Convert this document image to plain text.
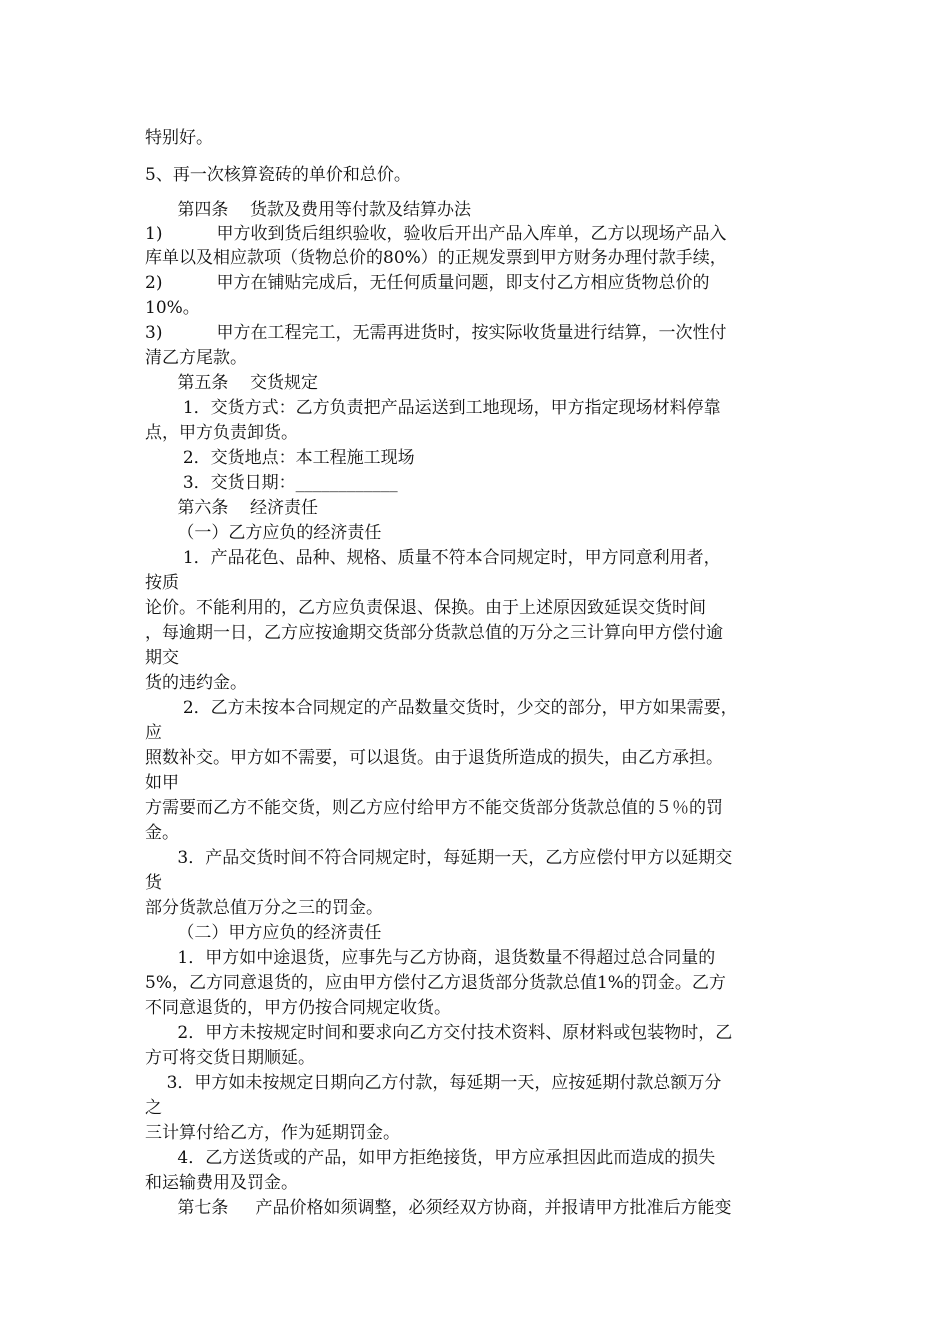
特别好。
5、再一次核算瓷砖的单价和总价。
第四条    货款及费用等付款及结算办法
1)          甲方收到货后组织验收，验收后开出产品入库单，乙方以现场产品入
库单以及相应款项（货物总价的80%）的正规发票到甲方财务办理付款手续，
2)          甲方在铺贴完成后，无任何质量问题，即支付乙方相应货物总价的
10%。
3)          甲方在工程完工，无需再进货时，按实际收货量进行结算，一次性付
清乙方尾款。
第五条    交货规定
1．交货方式：乙方负责把产品运送到工地现场，甲方指定现场材料停靠
点，甲方负责卸货。
2．交货地点：本工程施工现场
3．交货日期：____________
第六条    经济责任
（一）乙方应负的经济责任
1．产品花色、品种、规格、质量不符本合同规定时，甲方同意利用者，
按质
论价。不能利用的，乙方应负责保退、保换。由于上述原因致延误交货时间
，每逾期一日，乙方应按逾期交货部分货款总值的万分之三计算向甲方偿付逾
期交
货的违约金。
2．乙方未按本合同规定的产品数量交货时，少交的部分，甲方如果需要，
应
照数补交。甲方如不需要，可以退货。由于退货所造成的损失，由乙方承担。
如甲
方需要而乙方不能交货，则乙方应付给甲方不能交货部分货款总值的５％的罚
金。
3．产品交货时间不符合同规定时，每延期一天，乙方应偿付甲方以延期交
货
部分货款总值万分之三的罚金。
（二）甲方应负的经济责任
1．甲方如中途退货，应事先与乙方协商，退货数量不得超过总合同量的
5%，乙方同意退货的，应由甲方偿付乙方退货部分货款总值1%的罚金。乙方
不同意退货的，甲方仍按合同规定收货。
2．甲方未按规定时间和要求向乙方交付技术资料、原材料或包装物时，乙
方可将交货日期顺延。
3．甲方如未按规定日期向乙方付款，每延期一天，应按延期付款总额万分
之
三计算付给乙方，作为延期罚金。
4．乙方送货或的产品，如甲方拒绝接货，甲方应承担因此而造成的损失
和运输费用及罚金。
第七条     产品价格如须调整，必须经双方协商，并报请甲方批准后方能变
